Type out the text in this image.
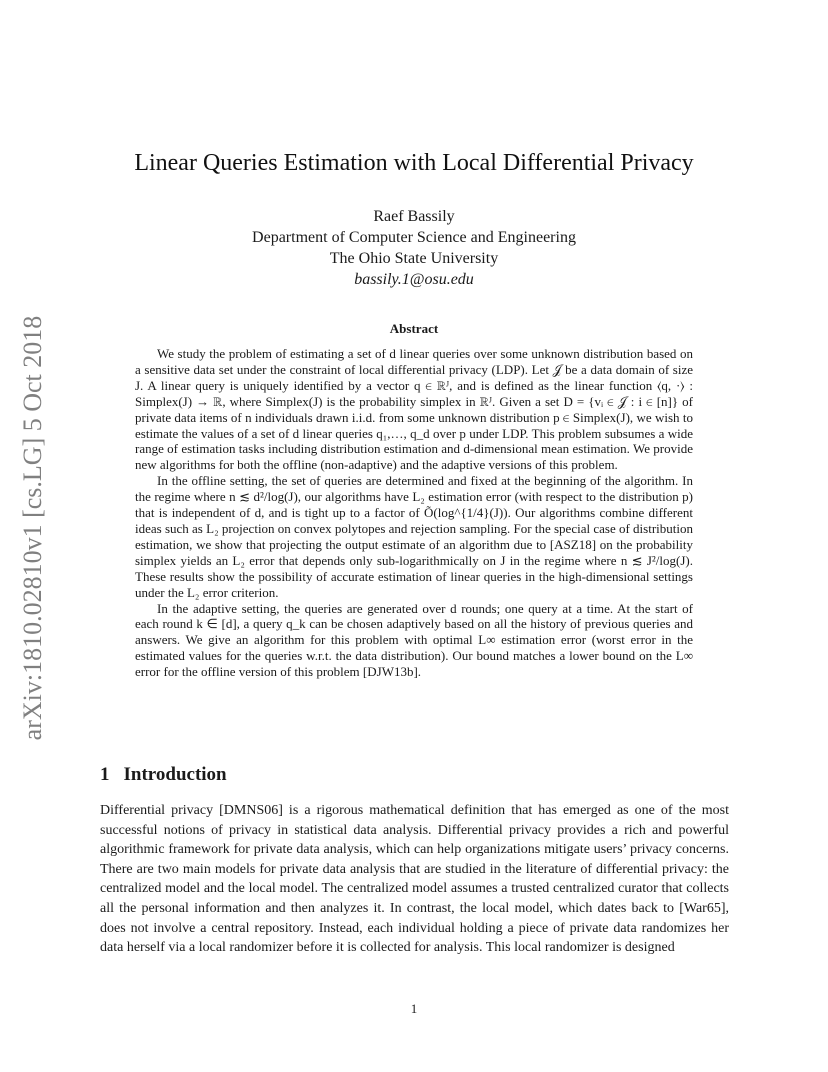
arXiv:1810.02810v1 [cs.LG] 5 Oct 2018
Linear Queries Estimation with Local Differential Privacy
Raef Bassily
Department of Computer Science and Engineering
The Ohio State University
bassily.1@osu.edu
Abstract

We study the problem of estimating a set of d linear queries over some unknown distribution based on a sensitive data set under the constraint of local differential privacy (LDP). Let 𝒥 be a data domain of size J. A linear query is uniquely identified by a vector q ∈ ℝᴶ, and is defined as the linear function ⟨q, ·⟩ : Simplex(J) → ℝ, where Simplex(J) is the probability simplex in ℝᴶ. Given a set D = {vᵢ ∈ 𝒥 : i ∈ [n]} of private data items of n individuals drawn i.i.d. from some unknown distribution p ∈ Simplex(J), we wish to estimate the values of a set of d linear queries q₁,…, q_d over p under LDP. This problem subsumes a wide range of estimation tasks including distribution estimation and d-dimensional mean estimation. We provide new algorithms for both the offline (non-adaptive) and the adaptive versions of this problem.

In the offline setting, the set of queries are determined and fixed at the beginning of the algorithm. In the regime where n ≲ d²/log(J), our algorithms have L₂ estimation error (with respect to the distribution p) that is independent of d, and is tight up to a factor of Õ(log^{1/4}(J)). Our algorithms combine different ideas such as L₂ projection on convex polytopes and rejection sampling. For the special case of distribution estimation, we show that projecting the output estimate of an algorithm due to [ASZ18] on the probability simplex yields an L₂ error that depends only sub-logarithmically on J in the regime where n ≲ J²/log(J). These results show the possibility of accurate estimation of linear queries in the high-dimensional settings under the L₂ error criterion.

In the adaptive setting, the queries are generated over d rounds; one query at a time. At the start of each round k ∈ [d], a query q_k can be chosen adaptively based on all the history of previous queries and answers. We give an algorithm for this problem with optimal L∞ estimation error (worst error in the estimated values for the queries w.r.t. the data distribution). Our bound matches a lower bound on the L∞ error for the offline version of this problem [DJW13b].

1 Introduction

Differential privacy [DMNS06] is a rigorous mathematical definition that has emerged as one of the most successful notions of privacy in statistical data analysis. Differential privacy provides a rich and powerful algorithmic framework for private data analysis, which can help organizations mitigate users’ privacy concerns. There are two main models for private data analysis that are studied in the literature of differential privacy: the centralized model and the local model. The centralized model assumes a trusted centralized curator that collects all the personal information and then analyzes it. In contrast, the local model, which dates back to [War65], does not involve a central repository. Instead, each individual holding a piece of private data randomizes her data herself via a local randomizer before it is collected for analysis. This local randomizer is designed

1
